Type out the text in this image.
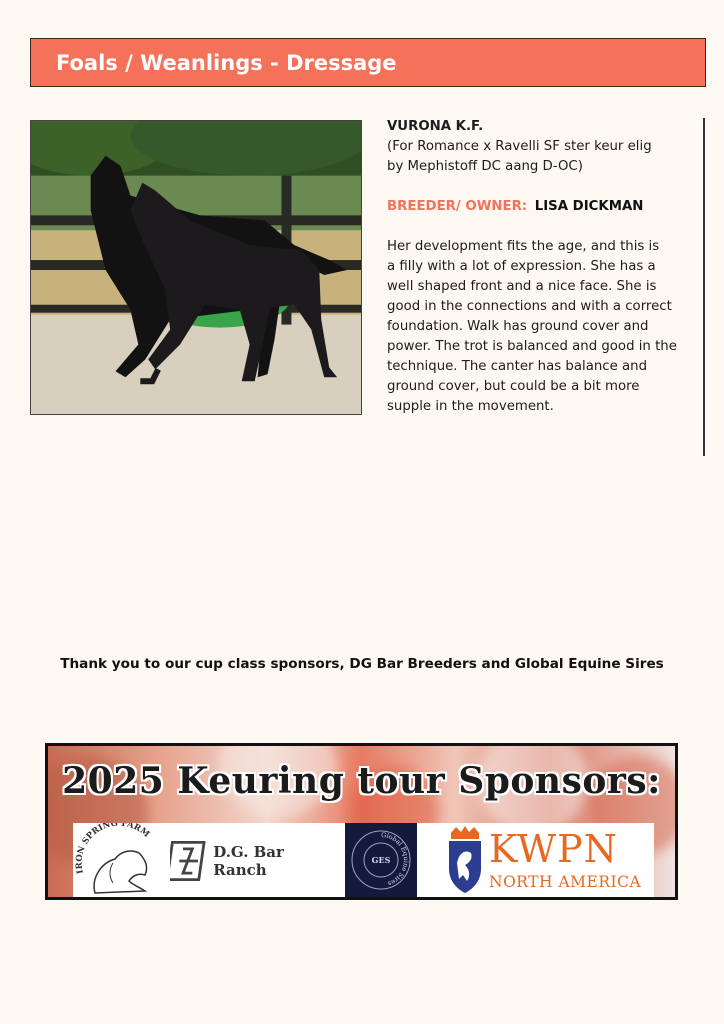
Foals / Weanlings - Dressage
VURONA K.F.
(For Romance x Ravelli SF ster keur elig
by Mephistoff DC aang D-OC)
BREEDER/ OWNER: LISA DICKMAN
Her development fits the age, and this is
a filly with a lot of expression. She has a
well shaped front and a nice face. She is
good in the connections and with a correct
foundation. Walk has ground cover and
power. The trot is balanced and good in the
technique. The canter has balance and
ground cover, but could be a bit more
supple in the movement.
Thank you to our cup class sponsors, DG Bar Breeders and Global Equine Sires
2025 Keuring tour Sponsors:
IRON SPRING FARM
D.G. Bar Ranch
Global Equine Sires
GES	KWPN
NORTH AMERICA
